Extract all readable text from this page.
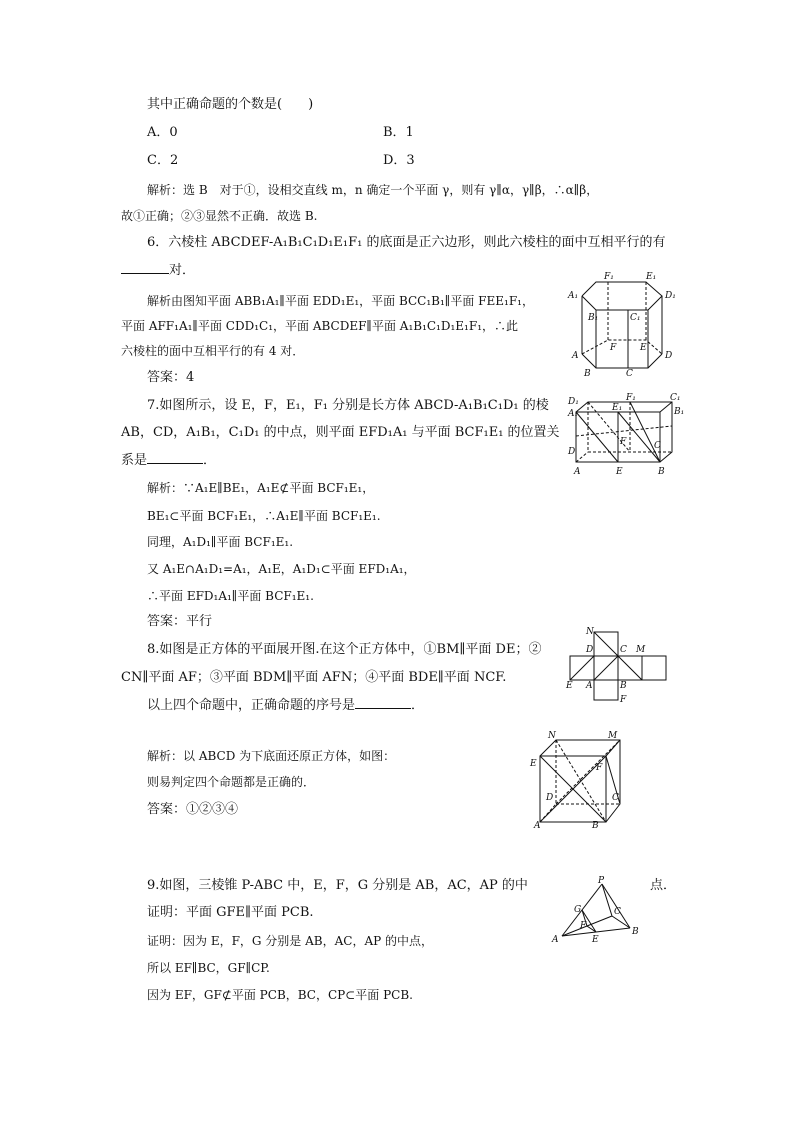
其中正确命题的个数是(　　)
A．0	B．1
C．2	D．3
解析：选 B　对于①，设相交直线 m，n 确定一个平面 γ，则有 γ∥α，γ∥β，∴α∥β，
故①正确；②③显然不正确．故选 B.
6．六棱柱 ABCDEF-A₁B₁C₁D₁E₁F₁ 的底面是正六边形，则此六棱柱的面中互相平行的有
对．
解析由图知平面 ABB₁A₁∥平面 EDD₁E₁，平面 BCC₁B₁∥平面 FEE₁F₁，
平面 AFF₁A₁∥平面 CDD₁C₁，平面 ABCDEF∥平面 A₁B₁C₁D₁E₁F₁，∴此
六棱柱的面中互相平行的有 4 对．
答案：4
7.如图所示，设 E，F，E₁，F₁ 分别是长方体 ABCD-A₁B₁C₁D₁ 的棱
AB，CD，A₁B₁，C₁D₁ 的中点，则平面 EFD₁A₁ 与平面 BCF₁E₁ 的位置关
系是	．
解析：∵A₁E∥BE₁，A₁E⊄平面 BCF₁E₁，
BE₁⊂平面 BCF₁E₁，∴A₁E∥平面 BCF₁E₁.
同理，A₁D₁∥平面 BCF₁E₁.
又 A₁E∩A₁D₁=A₁，A₁E，A₁D₁⊂平面 EFD₁A₁，
∴平面 EFD₁A₁∥平面 BCF₁E₁.
答案：平行
8.如图是正方体的平面展开图.在这个正方体中，①BM∥平面 DE；②
CN∥平面 AF；③平面 BDM∥平面 AFN；④平面 BDE∥平面 NCF.
以上四个命题中，正确命题的序号是	．
解析：以 ABCD 为下底面还原正方体，如图：
则易判定四个命题都是正确的．
答案：①②③④
9.如图，三棱锥 P-ABC 中，E，F，G 分别是 AB，AC，AP 的中	点．
证明：平面 GFE∥平面 PCB.
证明：因为 E，F，G 分别是 AB，AC，AP 的中点，
所以 EF∥BC，GF∥CP.
因为 EF，GF⊄平面 PCB，BC，CP⊂平面 PCB.
F₁	E₁
A₁	D₁
B₁	C₁
F	E
A	D
B	C
D₁	F₁	C₁
A₁
E₁	B₁
D
F	C
A	E	B
N
D	C M
E A	B
F
N	M
E	F
D	C
A	B
P
G	C
F
A	E
B
